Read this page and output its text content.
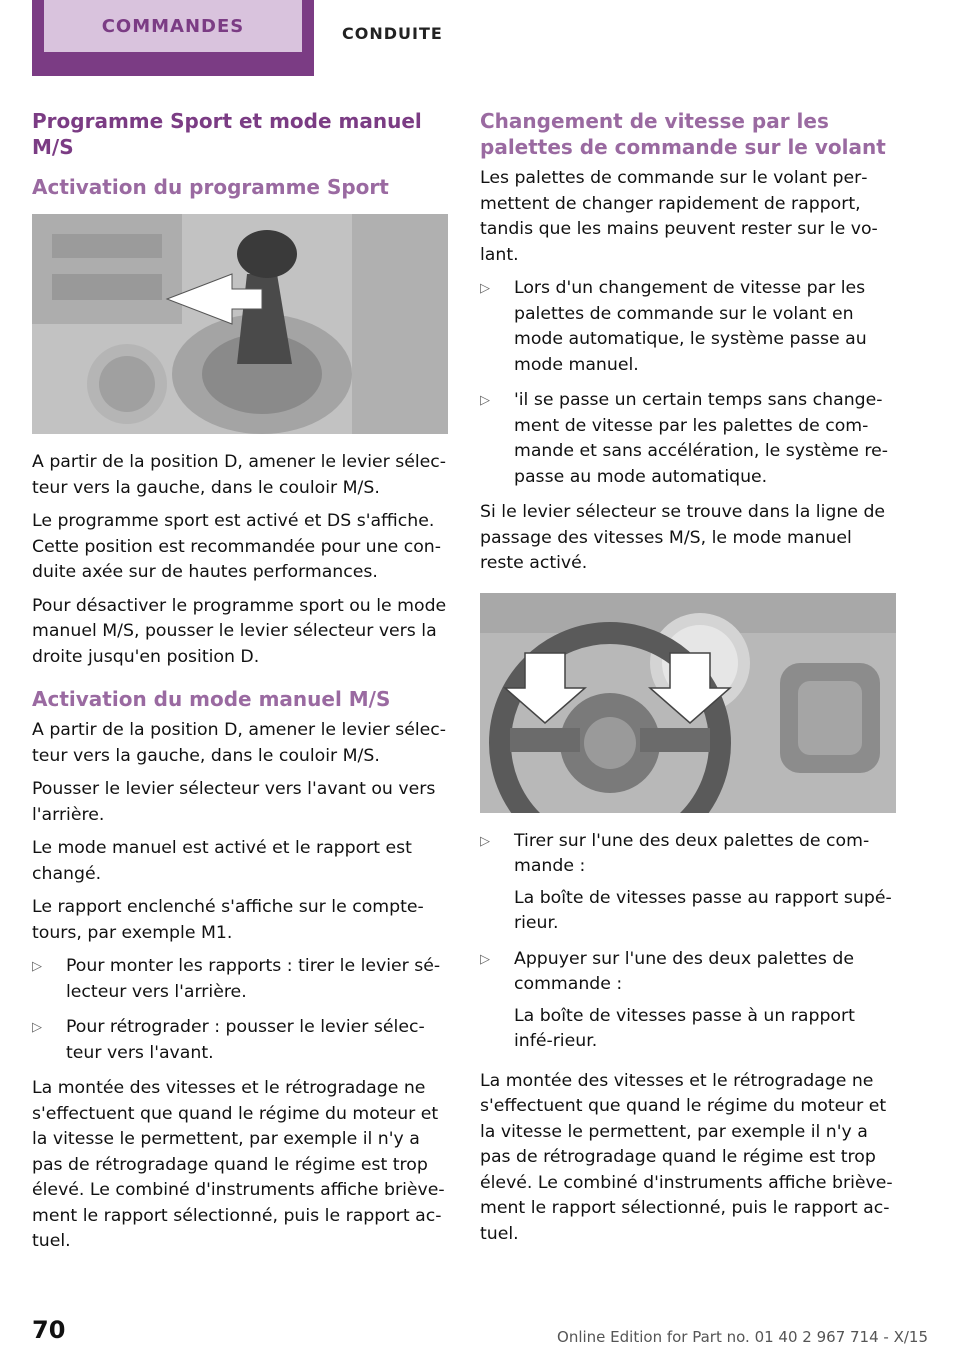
COMMANDES	CONDUITE
Programme Sport et mode manuel M/S
Activation du programme Sport

A partir de la position D, amener le levier sélec‐teur vers la gauche, dans le couloir M/S.

Le programme sport est activé et DS s'affiche. Cette position est recommandée pour une con‐duite axée sur de hautes performances.

Pour désactiver le programme sport ou le mode manuel M/S, pousser le levier sélecteur vers la droite jusqu'en position D.

Activation du mode manuel M/S

A partir de la position D, amener le levier sélec‐teur vers la gauche, dans le couloir M/S.

Pousser le levier sélecteur vers l'avant ou vers l'arrière.

Le mode manuel est activé et le rapport est changé.

Le rapport enclenché s'affiche sur le compte-tours, par exemple M1.

▷ Pour monter les rapports : tirer le levier sé‐lecteur vers l'arrière.
▷ Pour rétrograder : pousser le levier sélec‐teur vers l'avant.

La montée des vitesses et le rétrogradage ne s'effectuent que quand le régime du moteur et la vitesse le permettent, par exemple il n'y a pas de rétrogradage quand le régime est trop élevé. Le combiné d'instruments affiche briève‐ment le rapport sélectionné, puis le rapport ac‐tuel.

Changement de vitesse par les palettes de commande sur le volant

Les palettes de commande sur le volant per‐mettent de changer rapidement de rapport, tandis que les mains peuvent rester sur le vo‐lant.

▷ Lors d'un changement de vitesse par les palettes de commande sur le volant en mode automatique, le système passe au mode manuel.
▷ 'il se passe un certain temps sans change‐ment de vitesse par les palettes de com‐mande et sans accélération, le système re‐passe au mode automatique.

Si le levier sélecteur se trouve dans la ligne de passage des vitesses M/S, le mode manuel reste activé.

▷ Tirer sur l'une des deux palettes de com‐mande :
La boîte de vitesses passe au rapport supé‐rieur.
▷ Appuyer sur l'une des deux palettes de commande :
La boîte de vitesses passe à un rapport infé‐rieur.

La montée des vitesses et le rétrogradage ne s'effectuent que quand le régime du moteur et la vitesse le permettent, par exemple il n'y a pas de rétrogradage quand le régime est trop élevé. Le combiné d'instruments affiche briève‐ment le rapport sélectionné, puis le rapport ac‐tuel.

70	Online Edition for Part no. 01 40 2 967 714 - X/15
